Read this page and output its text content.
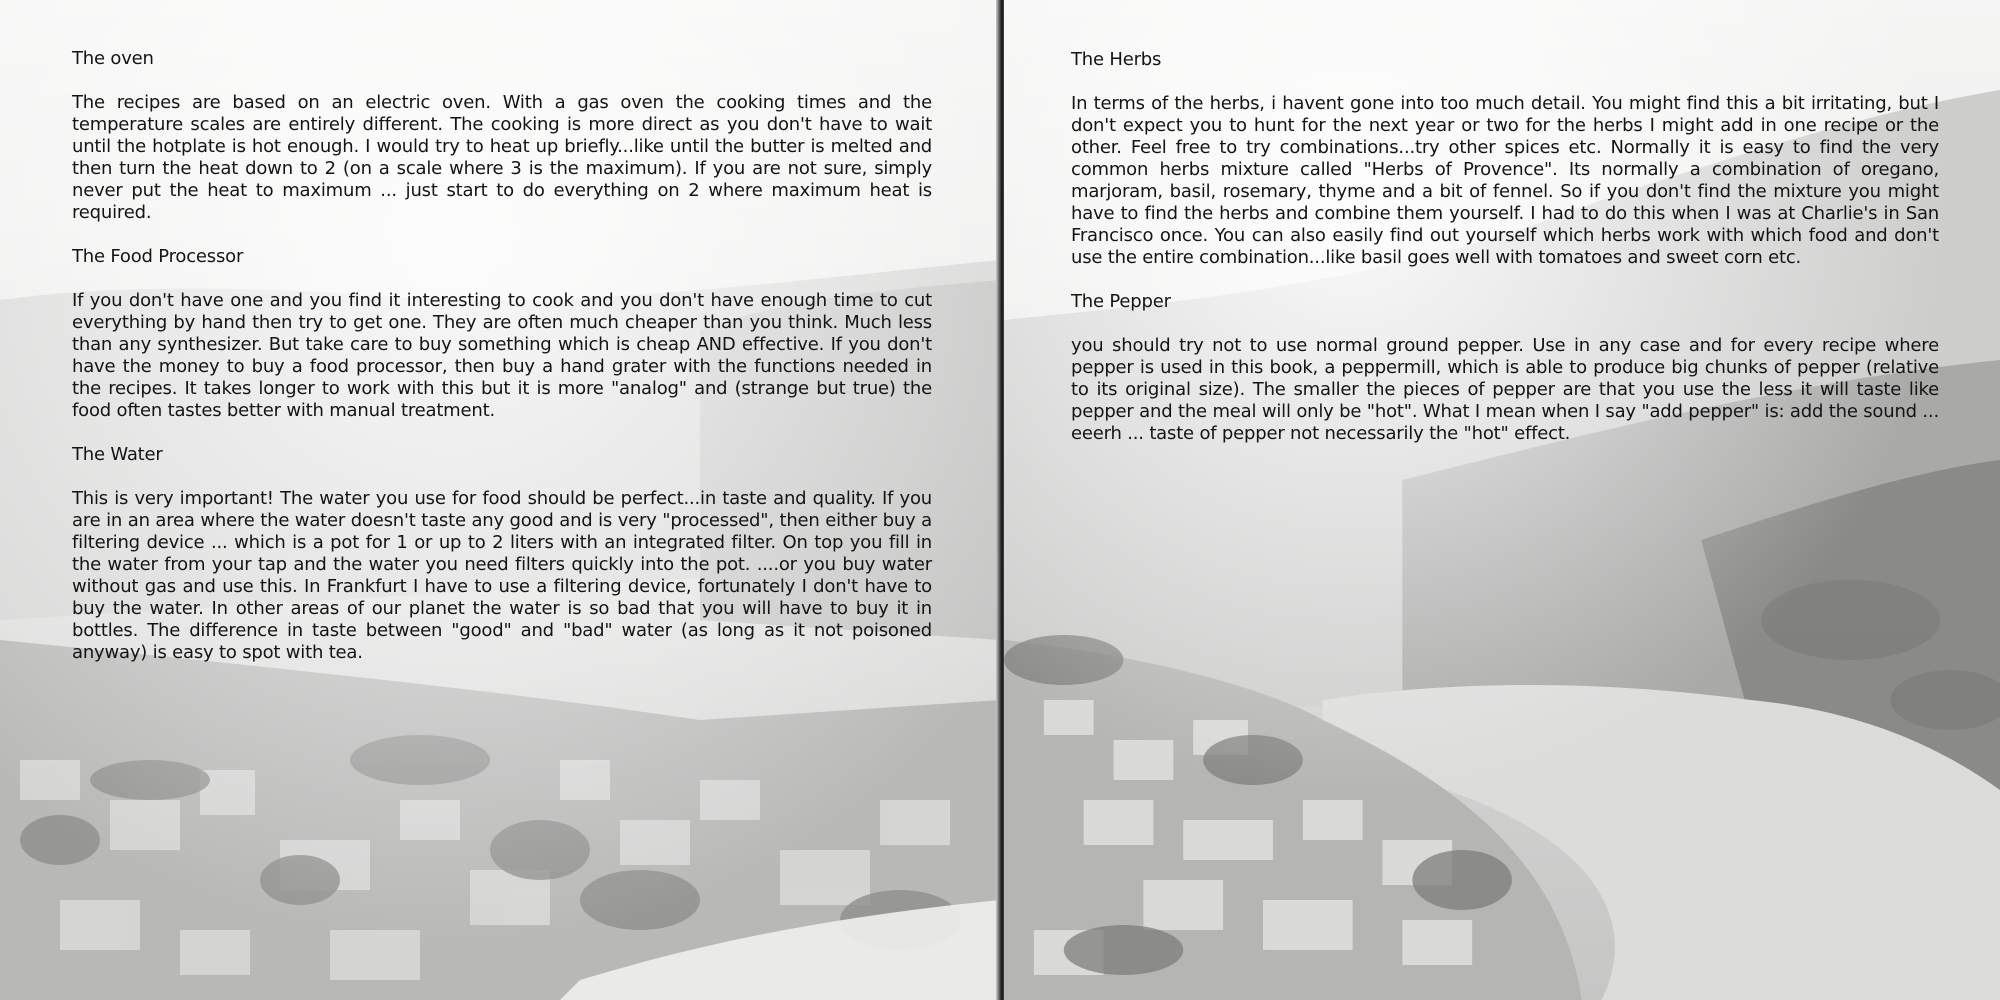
The oven
The recipes are based on an electric oven. With a gas oven the cooking times and the temperature scales are entirely different. The cooking is more direct as you don't have to wait until the hotplate is hot enough. I would try to heat up briefly...like until the butter is melted and then turn the heat down to 2 (on a scale where 3 is the maximum). If you are not sure, simply never put the heat to maximum ... just start to do everything on 2 where maximum heat is required.
The Food Processor
If you don't have one and you find it interesting to cook and you don't have enough time to cut everything by hand then try to get one. They are often much cheaper than you think. Much less than any synthesizer. But take care to buy something which is cheap AND effective. If you don't have the money to buy a food processor, then buy a hand grater with the functions needed in the recipes. It takes longer to work with this but it is more "analog" and (strange but true) the food often tastes better with manual treatment.
The Water
This is very important! The water you use for food should be perfect...in taste and quality. If you are in an area where the water doesn't taste any good and is very "processed", then either buy a filtering device ... which is a pot for 1 or up to 2 liters with an integrated filter. On top you fill in the water from your tap and the water you need filters quickly into the pot. ....or you buy water without gas and use this. In Frankfurt I have to use a filtering device, fortunately I don't have to buy the water. In other areas of our planet the water is so bad that you will have to buy it in bottles. The difference in taste between "good" and "bad" water (as long as it not poisoned anyway) is easy to spot with tea.
The Herbs
In terms of the herbs, i havent gone into too much detail. You might find this a bit irritating, but I don't expect you to hunt for the next year or two for the herbs I might add in one recipe or the other. Feel free to try combinations...try other spices etc. Normally it is easy to find the very common herbs mixture called "Herbs of Provence". Its normally a combination of oregano, marjoram, basil, rosemary, thyme and a bit of fennel. So if you don't find the mixture you might have to find the herbs and combine them yourself. I had to do this when I was at Charlie's in San Francisco once. You can also easily find out yourself which herbs work with which food and don't use the entire combination...like basil goes well with tomatoes and sweet corn etc.
The Pepper
you should try not to use normal ground pepper. Use in any case and for every recipe where pepper is used in this book, a peppermill, which is able to produce big chunks of pepper (relative to its original size). The smaller the pieces of pepper are that you use the less it will taste like pepper and the meal will only be "hot". What I mean when I say "add pepper" is: add the sound ... eeerh ... taste of pepper not necessarily the "hot" effect.
